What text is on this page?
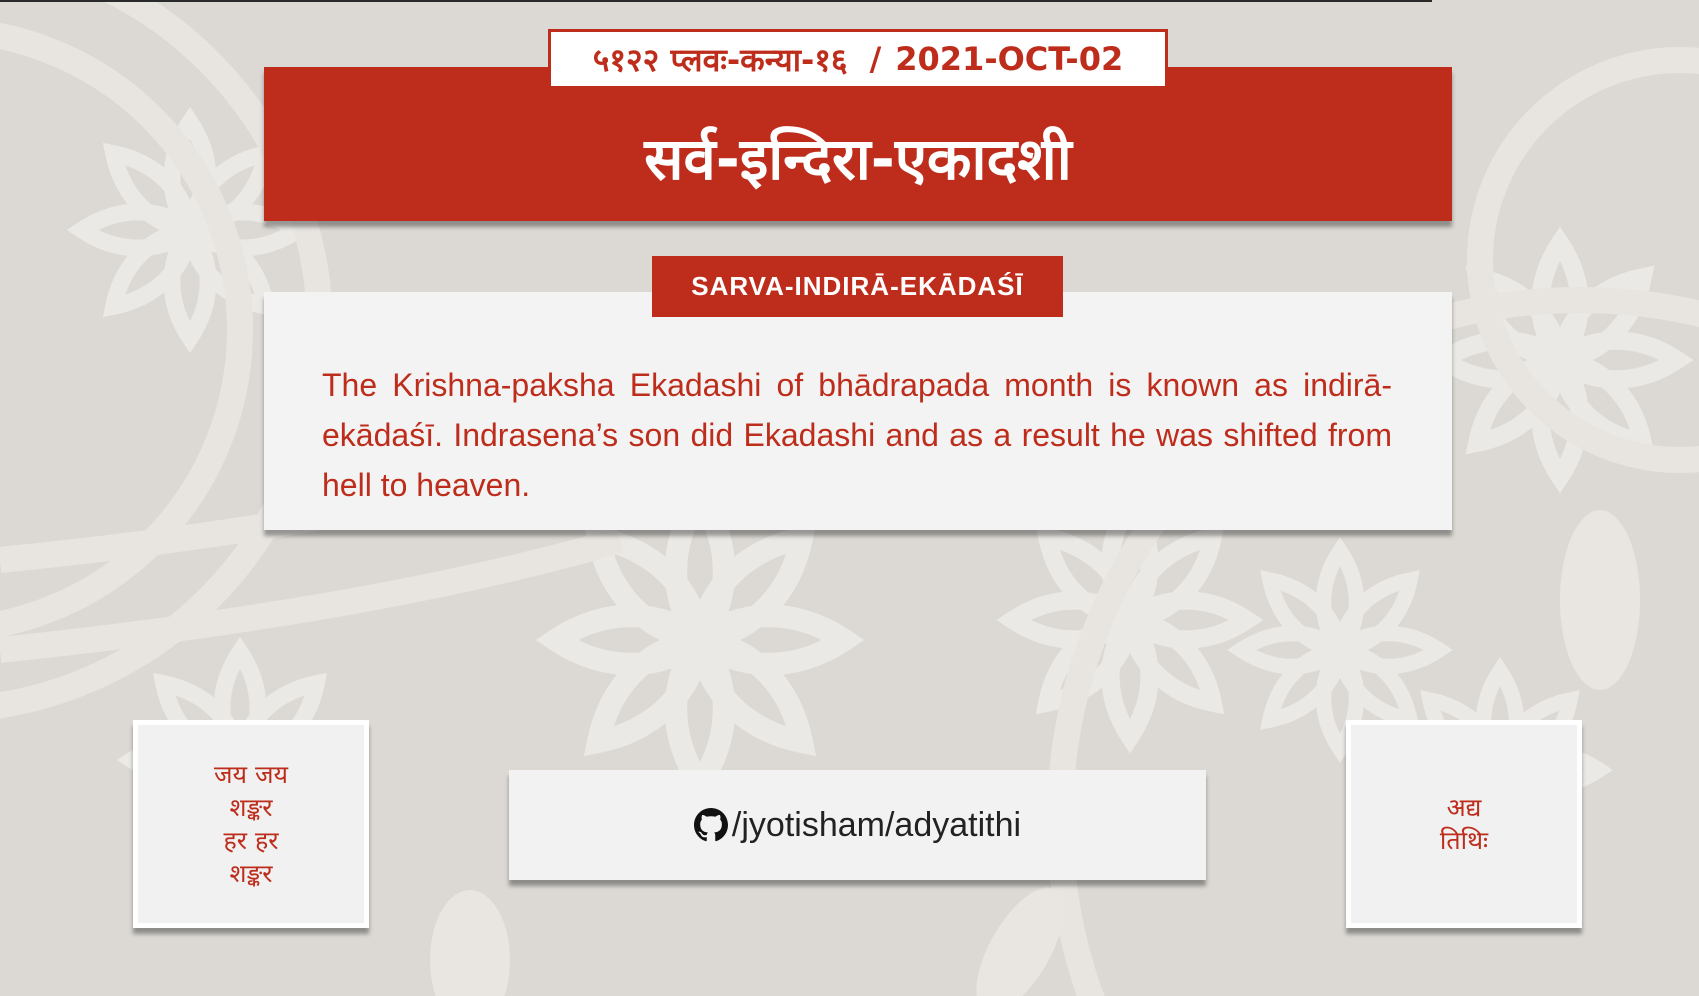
सर्व-इन्दिरा-एकादशी
५१२२ प्लवः-कन्या-१६ / 2021-OCT-02
The Krishna-paksha Ekadashi of bhādrapada month is known as indirā-ekādaśī. Indrasena’s son did Ekadashi and as a result he was shifted from hell to heaven.
SARVA-INDIRĀ-EKĀDAŚĪ
जय जय
शङ्कर
हर हर
शङ्कर
/jyotisham/adyatithi	अद्य
तिथिः
